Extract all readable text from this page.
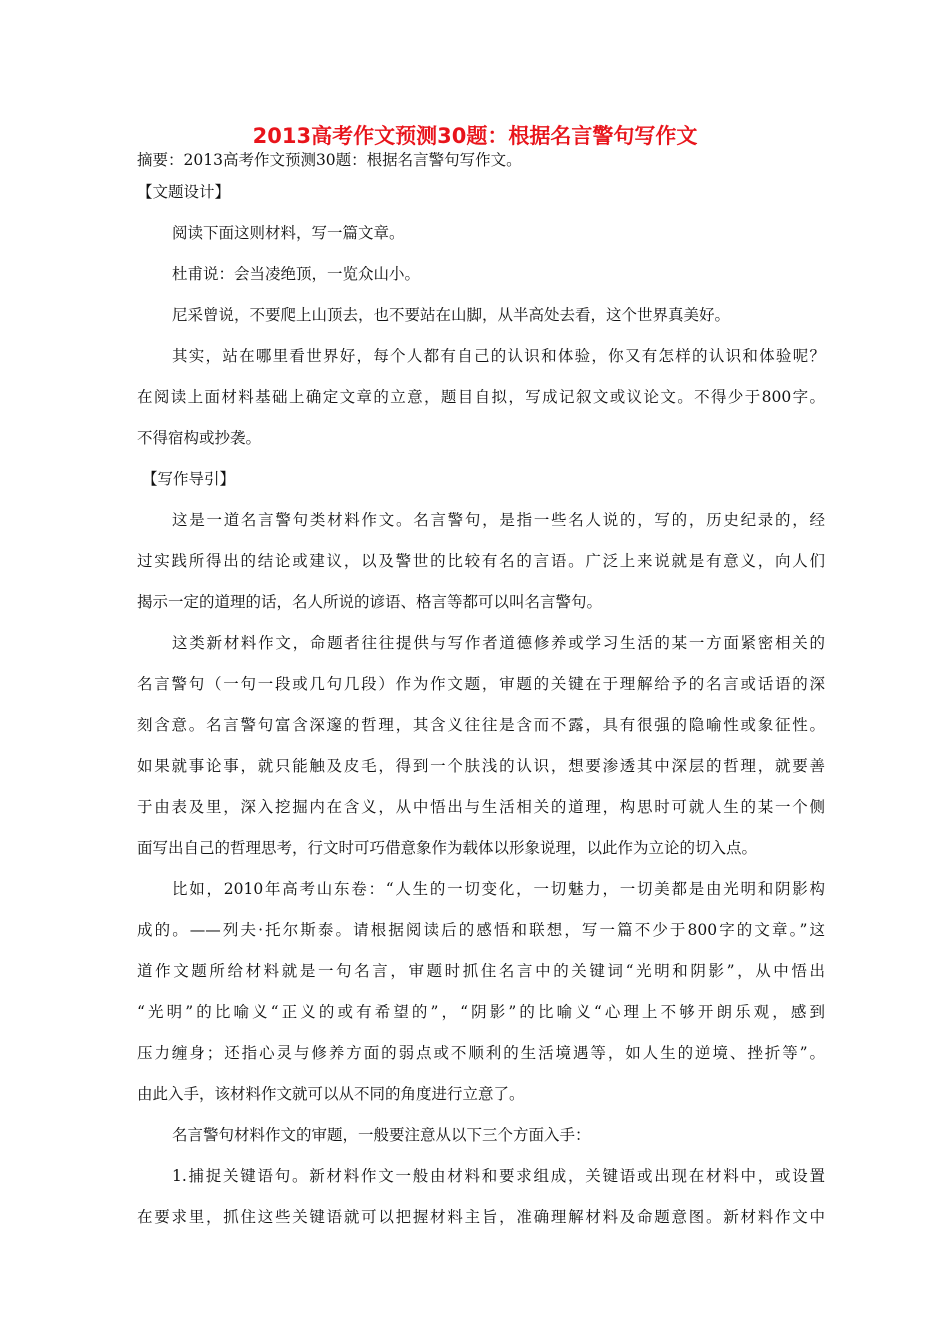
2013高考作文预测30题：根据名言警句写作文
摘要：2013高考作文预测30题：根据名言警句写作文。
【文题设计】
阅读下面这则材料，写一篇文章。
杜甫说：会当凌绝顶，一览众山小。
尼采曾说，不要爬上山顶去，也不要站在山脚，从半高处去看，这个世界真美好。
其实，站在哪里看世界好，每个人都有自己的认识和体验，你又有怎样的认识和体验呢？
在阅读上面材料基础上确定文章的立意，题目自拟，写成记叙文或议论文。不得少于800字。
不得宿构或抄袭。
【写作导引】
这是一道名言警句类材料作文。名言警句，是指一些名人说的，写的，历史纪录的，经
过实践所得出的结论或建议，以及警世的比较有名的言语。广泛上来说就是有意义，向人们
揭示一定的道理的话，名人所说的谚语、格言等都可以叫名言警句。
这类新材料作文，命题者往往提供与写作者道德修养或学习生活的某一方面紧密相关的
名言警句（一句一段或几句几段）作为作文题，审题的关键在于理解给予的名言或话语的深
刻含意。名言警句富含深邃的哲理，其含义往往是含而不露，具有很强的隐喻性或象征性。
如果就事论事，就只能触及皮毛，得到一个肤浅的认识，想要渗透其中深层的哲理，就要善
于由表及里，深入挖掘内在含义，从中悟出与生活相关的道理，构思时可就人生的某一个侧
面写出自己的哲理思考，行文时可巧借意象作为载体以形象说理，以此作为立论的切入点。
比如，2010年高考山东卷：“人生的一切变化，一切魅力，一切美都是由光明和阴影构
成的。——列夫·托尔斯泰。请根据阅读后的感悟和联想，写一篇不少于800字的文章。”这
道作文题所给材料就是一句名言，审题时抓住名言中的关键词“光明和阴影”，从中悟出
“光明”的比喻义“正义的或有希望的”，“阴影”的比喻义“心理上不够开朗乐观，感到
压力缠身；还指心灵与修养方面的弱点或不顺利的生活境遇等，如人生的逆境、挫折等”。
由此入手，该材料作文就可以从不同的角度进行立意了。
名言警句材料作文的审题，一般要注意从以下三个方面入手：
1.捕捉关键语句。新材料作文一般由材料和要求组成，关键语或出现在材料中，或设置
在要求里，抓住这些关键语就可以把握材料主旨，准确理解材料及命题意图。新材料作文中
